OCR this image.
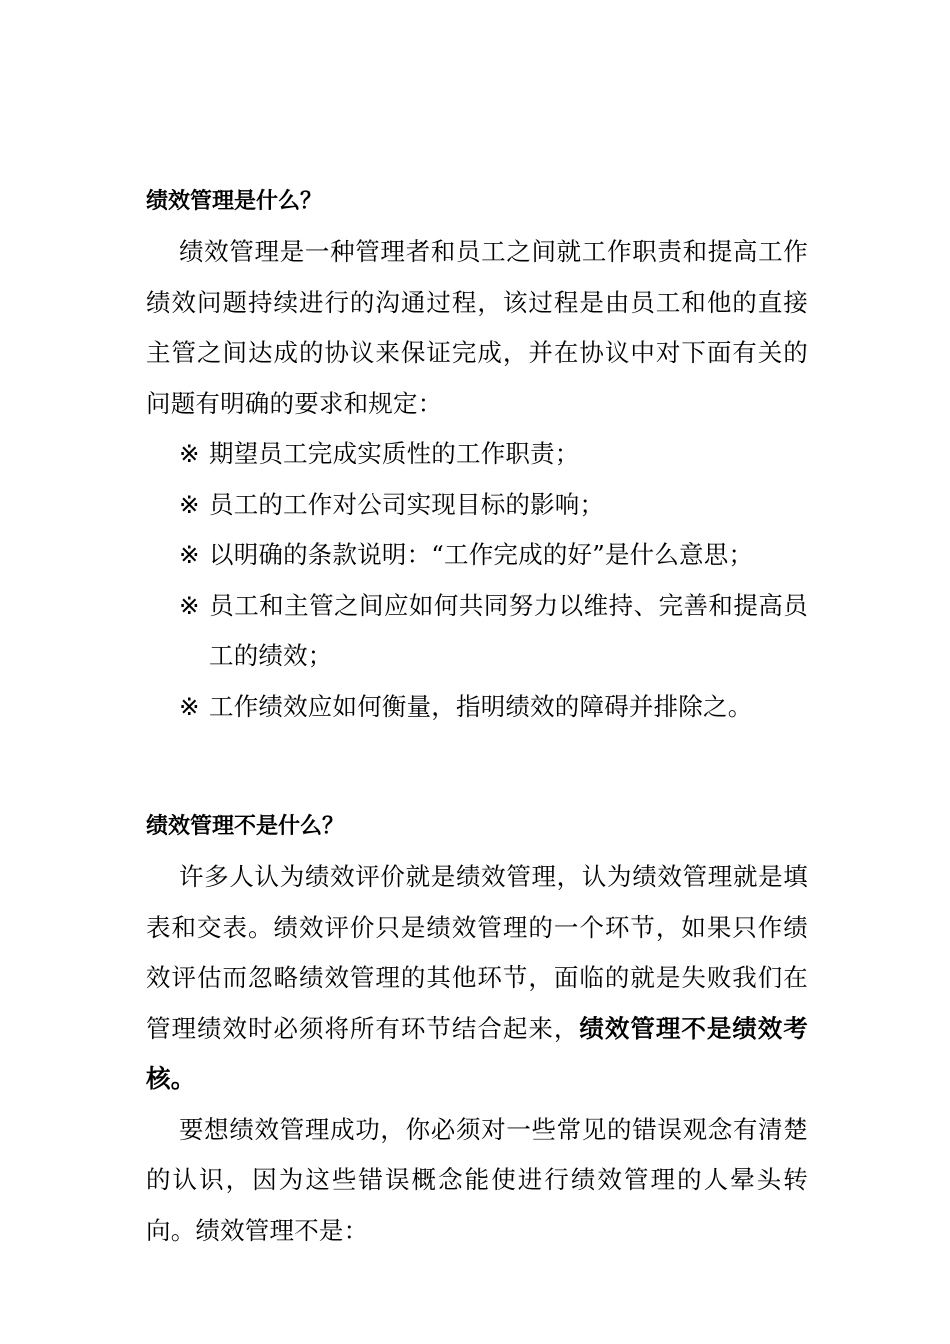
绩效管理是什么？

绩效管理是一种管理者和员工之间就工作职责和提高工作绩效问题持续进行的沟通过程，该过程是由员工和他的直接主管之间达成的协议来保证完成，并在协议中对下面有关的问题有明确的要求和规定：

※ 期望员工完成实质性的工作职责；
※ 员工的工作对公司实现目标的影响；
※ 以明确的条款说明：“工作完成的好”是什么意思；
※ 员工和主管之间应如何共同努力以维持、完善和提高员工的绩效；
※ 工作绩效应如何衡量，指明绩效的障碍并排除之。
绩效管理不是什么？

许多人认为绩效评价就是绩效管理，认为绩效管理就是填表和交表。绩效评价只是绩效管理的一个环节，如果只作绩效评估而忽略绩效管理的其他环节，面临的就是失败我们在管理绩效时必须将所有环节结合起来，绩效管理不是绩效考核。

要想绩效管理成功，你必须对一些常见的错误观念有清楚的认识，因为这些错误概念能使进行绩效管理的人晕头转向。绩效管理不是：
